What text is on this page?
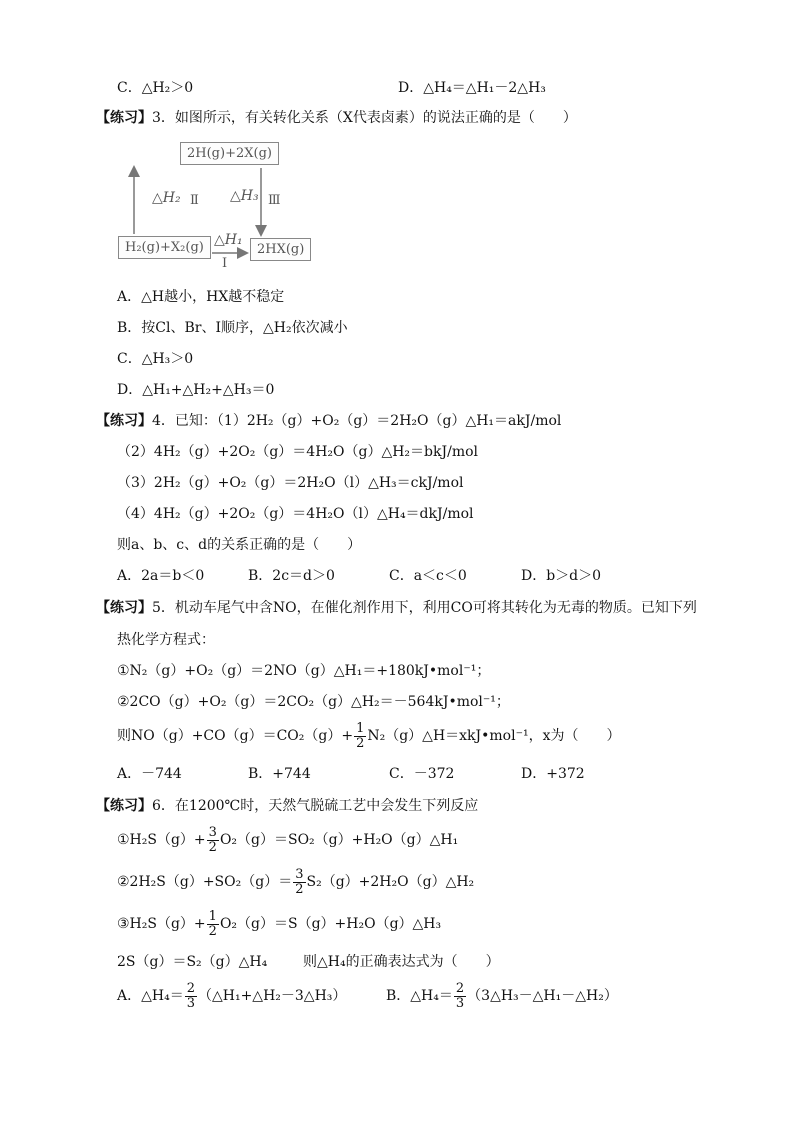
C．△H₂＞0	D．△H₄＝△H₁－2△H₃
【练习】3．如图所示，有关转化关系（X代表卤素）的说法正确的是（　　）
2H(g)+2X(g)
H₂(g)+X₂(g)	2HX(g)
△H₂ Ⅱ △H₃ Ⅲ
△H₁
Ⅰ
A．△H越小，HX越不稳定
B．按Cl、Br、I顺序，△H₂依次减小
C．△H₃＞0
D．△H₁+△H₂+△H₃＝0
【练习】4．已知：（1）2H₂（g）+O₂（g）＝2H₂O（g）△H₁＝akJ/mol
（2）4H₂（g）+2O₂（g）＝4H₂O（g）△H₂＝bkJ/mol
（3）2H₂（g）+O₂（g）＝2H₂O（l）△H₃＝ckJ/mol
（4）4H₂（g）+2O₂（g）＝4H₂O（l）△H₄＝dkJ/mol
则a、b、c、d的关系正确的是（　　）
A．2a＝b＜0	B．2c＝d＞0	C．a＜c＜0	D．b＞d＞0
【练习】5．机动车尾气中含NO，在催化剂作用下，利用CO可将其转化为无毒的物质。已知下列
热化学方程式：
①N₂（g）+O₂（g）＝2NO（g）△H₁＝+180kJ•mol⁻¹；
②2CO（g）+O₂（g）＝2CO₂（g）△H₂＝－564kJ•mol⁻¹；
则$NO(g)+CO(g)=CO_2(g)+ \frac{1}{2}$ N₂（g）△H＝xkJ•mol⁻¹，x为（　　）
A．－744	B．+744	C．－372	D．+372
【练习】6．在1200℃时，天然气脱硫工艺中会发生下列反应
①H₂S（g）+ $\frac{3}{2}$ O₂（g）＝SO₂（g）+H₂O（g）△H₁
②2H₂S（g）+SO₂（g）＝ $\frac{3}{2}$ S₂（g）+2H₂O（g）△H₂
③H₂S（g）+ $\frac{1}{2}$ O₂（g）＝S（g）+H₂O（g）△H₃
2S（g）＝S₂（g）△H₄	则△H₄的正确表达式为（　　）
A．△H₄＝ $\frac{2}{3}$ （△H₁+△H₂－3△H₃）	B．△H₄＝ $\frac{2}{3}$ （3△H₃－△H₁－△H₂）
